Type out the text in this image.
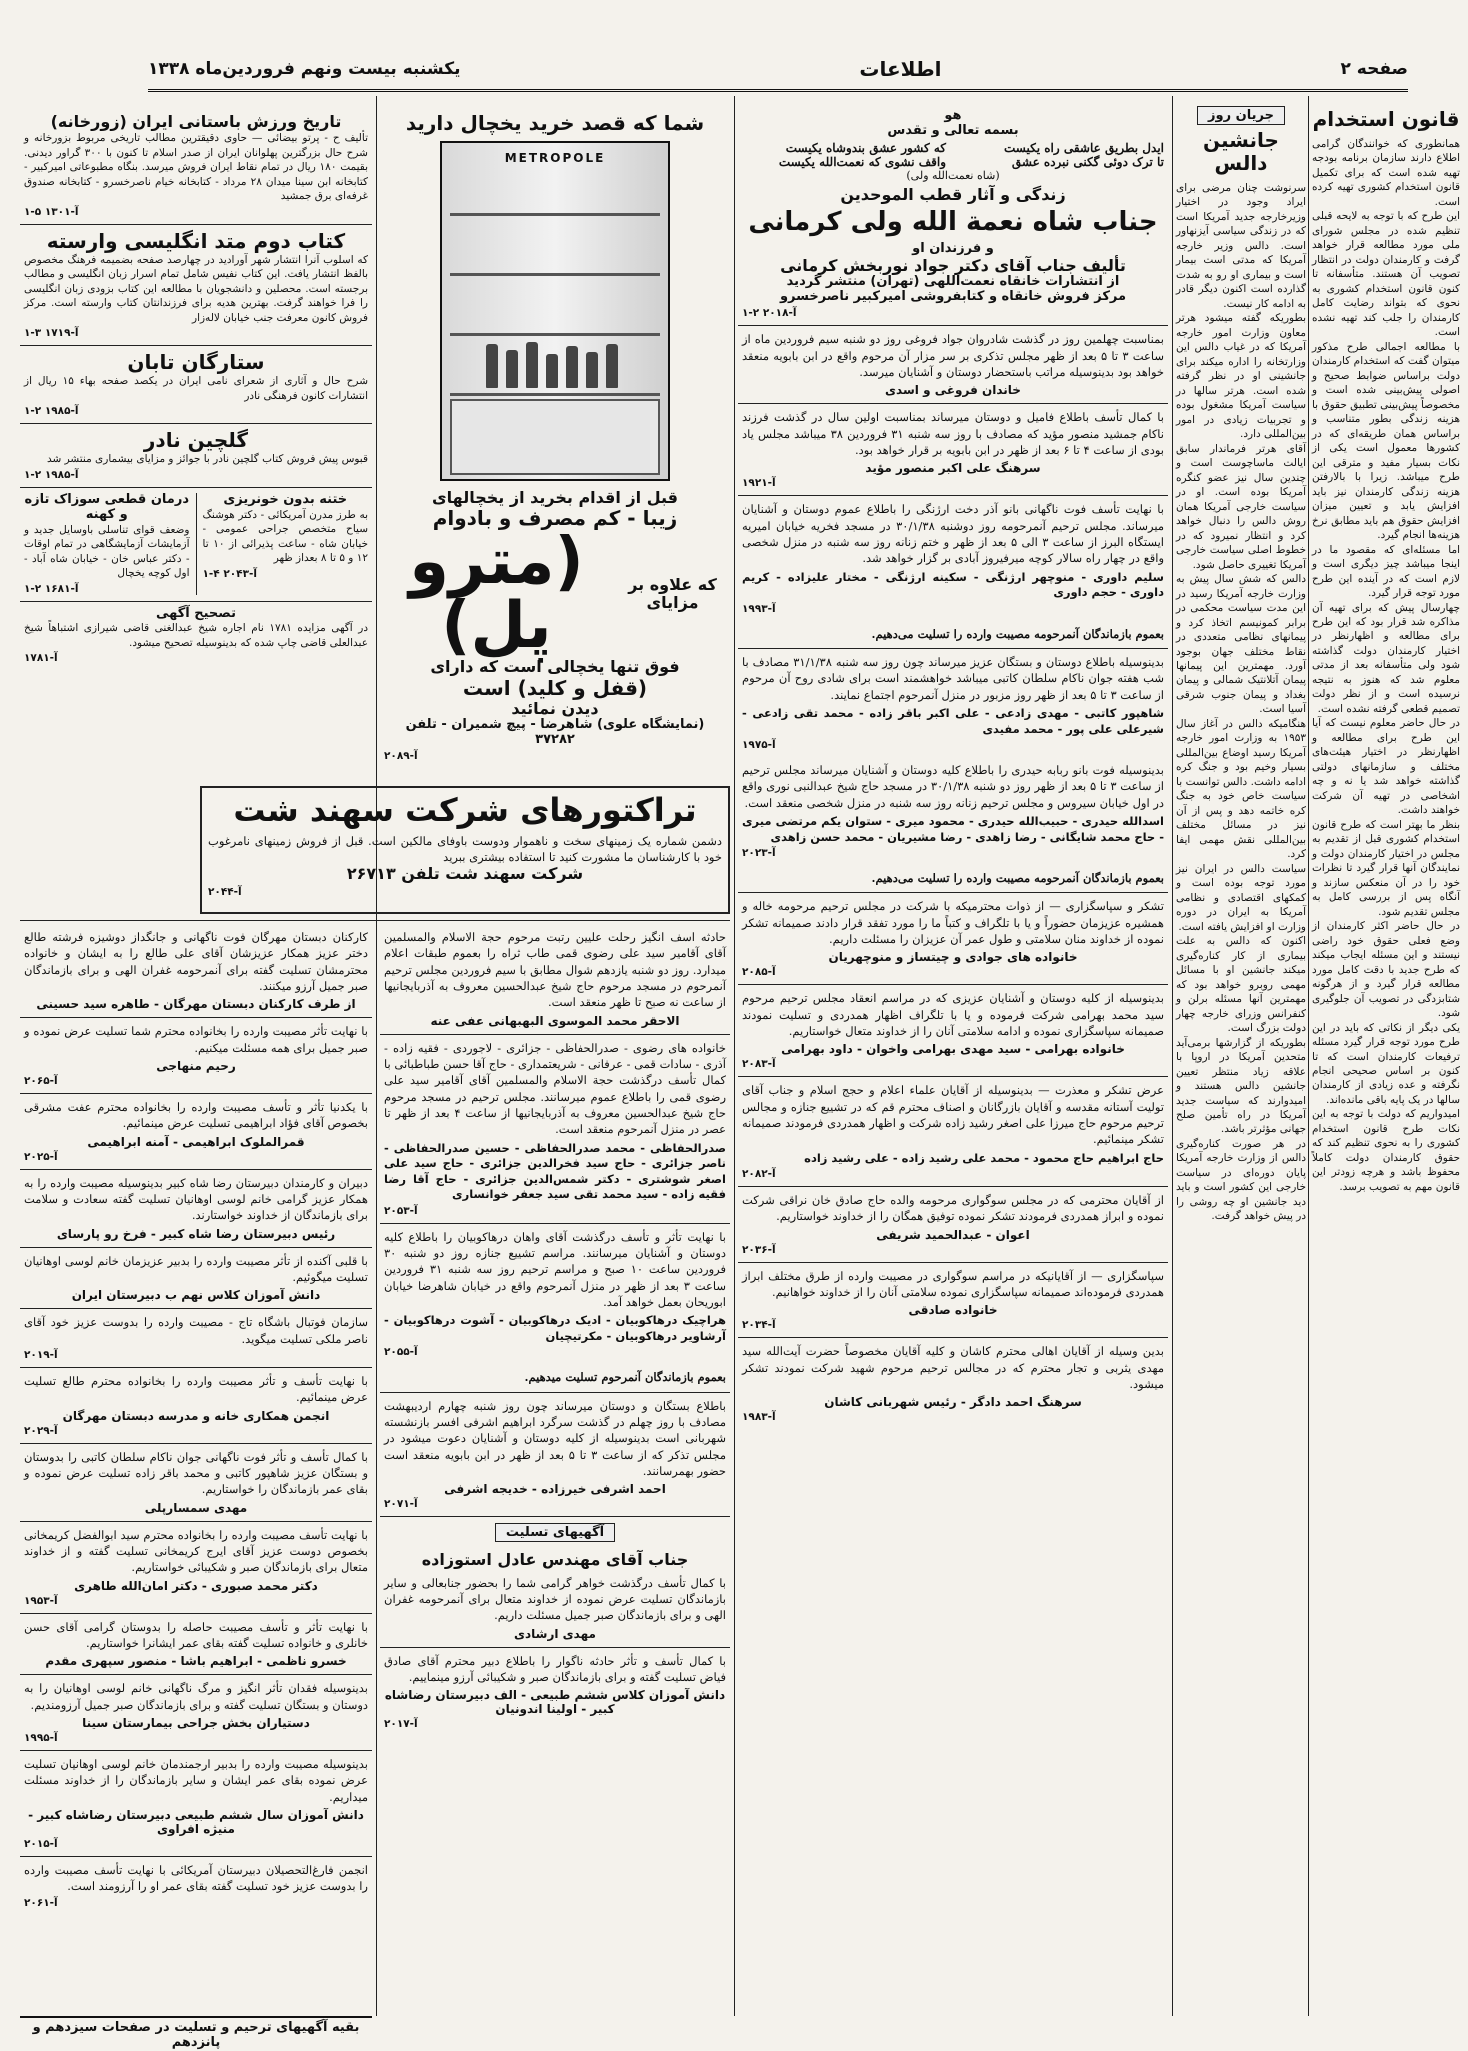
صفحه ۲
اطلاعات
یکشنبه بیست ونهم فروردین‌ماه ۱۳۳۸
قانون استخدام

همانطوری که خوانندگان گرامی اطلاع دارند سازمان برنامه بودجه تهیه شده است که برای تکمیل قانون استخدام کشوری تهیه کرده است.

این طرح که با توجه به لایحه قبلی تنظیم شده در مجلس شورای ملی مورد مطالعه قرار خواهد گرفت و کارمندان دولت در انتظار تصویب آن هستند. متأسفانه تا کنون قانون استخدام کشوری به نحوی که بتواند رضایت کامل کارمندان را جلب کند تهیه نشده است.

با مطالعه اجمالی طرح مذکور میتوان گفت که استخدام کارمندان دولت براساس ضوابط صحیح و اصولی پیش‌بینی شده است و مخصوصاً پیش‌بینی تطبیق حقوق با هزینه زندگی بطور متناسب و براساس همان طریقه‌ای که در کشورها معمول است یکی از نکات بسیار مفید و مترقی این طرح میباشد. زیرا با بالارفتن هزینه زندگی کارمندان نیز باید افزایش یابد و تعیین میزان افزایش حقوق هم باید مطابق نرخ هزینه‌ها انجام گیرد.

اما مسئله‌ای که مقصود ما در اینجا میباشد چیز دیگری است و لازم است که در آینده این طرح مورد توجه قرار گیرد.

چهارسال پیش که برای تهیه آن مذاکره شد قرار بود که این طرح برای مطالعه و اظهارنظر در اختیار کارمندان دولت گذاشته شود ولی متأسفانه بعد از مدتی معلوم شد که هنوز به نتیجه نرسیده است و از نظر دولت تصمیم قطعی گرفته نشده است.

در حال حاضر معلوم نیست که آیا این طرح برای مطالعه و اظهارنظر در اختیار هیئت‌های مختلف و سازمانهای دولتی گذاشته خواهد شد یا نه و چه اشخاصی در تهیه آن شرکت خواهند داشت.

بنظر ما بهتر است که طرح قانون استخدام کشوری قبل از تقدیم به مجلس در اختیار کارمندان دولت و نمایندگان آنها قرار گیرد تا نظرات خود را در آن منعکس سازند و آنگاه پس از بررسی کامل به مجلس تقدیم شود.

در حال حاضر اکثر کارمندان از وضع فعلی حقوق خود راضی نیستند و این مسئله ایجاب میکند که طرح جدید با دقت کامل مورد مطالعه قرار گیرد و از هرگونه شتابزدگی در تصویب آن جلوگیری شود.

یکی دیگر از نکاتی که باید در این طرح مورد توجه قرار گیرد مسئله ترفیعات کارمندان است که تا کنون بر اساس صحیحی انجام نگرفته و عده زیادی از کارمندان سالها در یک پایه باقی مانده‌اند.

امیدواریم که دولت با توجه به این نکات طرح قانون استخدام کشوری را به نحوی تنظیم کند که حقوق کارمندان دولت کاملاً محفوظ باشد و هرچه زودتر این قانون مهم به تصویب برسد.

جریان روز
جانشین دالس

سرنوشت چنان مرضی برای ایراد وجود در اختیار وزیرخارجه جدید آمریکا است که در زندگی سیاسی آیزنهاور است. دالس وزیر خارجه آمریکا که مدتی است بیمار است و بیماری او رو به شدت گذارده است اکنون دیگر قادر به ادامه کار نیست.

بطوریکه گفته میشود هرتر معاون وزارت امور خارجه آمریکا که در غیاب دالس این وزارتخانه را اداره میکند برای جانشینی او در نظر گرفته شده است. هرتر سالها در سیاست آمریکا مشغول بوده و تجربیات زیادی در امور بین‌المللی دارد.

آقای هرتر فرماندار سابق ایالت ماساچوست است و چندین سال نیز عضو کنگره آمریکا بوده است. او در سیاست خارجی آمریکا همان روش دالس را دنبال خواهد کرد و انتظار نمیرود که در خطوط اصلی سیاست خارجی آمریکا تغییری حاصل شود.

دالس که شش سال پیش به وزارت خارجه آمریکا رسید در این مدت سیاست محکمی در برابر کمونیسم اتخاذ کرد و پیمانهای نظامی متعددی در نقاط مختلف جهان بوجود آورد. مهمترین این پیمانها پیمان آتلانتیک شمالی و پیمان بغداد و پیمان جنوب شرقی آسیا است.

هنگامیکه دالس در آغاز سال ۱۹۵۳ به وزارت امور خارجه آمریکا رسید اوضاع بین‌المللی بسیار وخیم بود و جنگ کره ادامه داشت. دالس توانست با سیاست خاص خود به جنگ کره خاتمه دهد و پس از آن نیز در مسائل مختلف بین‌المللی نقش مهمی ایفا کرد.

سیاست دالس در ایران نیز مورد توجه بوده است و کمکهای اقتصادی و نظامی آمریکا به ایران در دوره وزارت او افزایش یافته است.

اکنون که دالس به علت بیماری از کار کناره‌گیری میکند جانشین او با مسائل مهمی روبرو خواهد بود که مهمترین آنها مسئله برلن و کنفرانس وزرای خارجه چهار دولت بزرگ است.

بطوریکه از گزارشها برمی‌آید متحدین آمریکا در اروپا با علاقه زیاد منتظر تعیین جانشین دالس هستند و امیدوارند که سیاست جدید آمریکا در راه تأمین صلح جهانی مؤثرتر باشد.

در هر صورت کناره‌گیری دالس از وزارت خارجه آمریکا پایان دوره‌ای در سیاست خارجی این کشور است و باید دید جانشین او چه روشی را در پیش خواهد گرفت.

هو
بسمه تعالی و تقدس
ایدل بطریق عاشقی راه یکیست
که کشور عشق بندوشاه یکیست
تا ترک دوئی گکنی نبرده عشق
واقف نشوی که نعمت‌الله یکیست
(شاه نعمت‌الله ولی)
زندگی و آثار قطب الموحدین
جناب شاه نعمة الله ولی کرمانی
و فرزندان او
تألیف جناب آقای دکتر جواد نوربخش کرمانی
از انتشارات خانقاه نعمت‌اللهی (تهران) منتشر گردید
مرکز فروش خانقاه و کتابفروشی امیرکبیر ناصرخسرو
آ-۲۰۱۸ ۲-۱

بمناسبت چهلمین روز در گذشت شادروان جواد فروغی روز دو شنبه سیم فروردین ماه از ساعت ۳ تا ۵ بعد از ظهر مجلس تذکری بر سر مزار آن مرحوم واقع در ابن بابویه منعقد خواهد بود بدینوسیله مراتب باستحضار دوستان و آشنایان میرسد.

خاندان فروغی و اسدی

با کمال تأسف باطلاع فامیل و دوستان میرساند بمناسبت اولین سال در گذشت فرزند ناکام جمشید منصور مؤید که مصادف با روز سه شنبه ۳۱ فروردین ۳۸ میباشد مجلس یاد بودی از ساعت ۴ تا ۶ بعد از ظهر در ابن بابویه بر قرار خواهد بود.

سرهنگ علی اکبر منصور مؤید
آ-۱۹۲۱

با نهایت تأسف فوت ناگهانی بانو آذر دخت ارژنگی را باطلاع عموم دوستان و آشنایان میرساند. مجلس ترحیم آنمرحومه روز دوشنبه ۳۰/۱/۳۸ در مسجد فخریه خیابان امیریه ایستگاه البرز از ساعت ۳ الی ۵ بعد از ظهر و ختم زنانه روز سه شنبه در منزل شخصی واقع در چهار راه سالار کوچه میرفیروز آبادی بر گزار خواهد شد.

سلیم داوری - منوچهر ارژنگی - سکینه ارژنگی - مختار علیزاده - کریم داوری - حجم داوری
آ-۱۹۹۳

بعموم بازماندگان آنمرحومه مصیبت وارده را تسلیت می‌دهیم.

بدینوسیله باطلاع دوستان و بستگان عزیز میرساند چون روز سه شنبه ۳۱/۱/۳۸ مصادف با شب هفته جوان ناکام سلطان کاتبی میباشد خواهشمند است برای شادی روح آن مرحوم از ساعت ۳ تا ۵ بعد از ظهر روز مزبور در منزل آنمرحوم اجتماع نمایند.

شاهپور کاتبی - مهدی زادعی - علی اکبر باقر زاده - محمد تقی زادعی - شیرعلی علی پور - محمد مفیدی
آ-۱۹۷۵

بدینوسیله فوت بانو ربابه حیدری را باطلاع کلیه دوستان و آشنایان میرساند مجلس ترحیم از ساعت ۳ تا ۵ بعد از ظهر روز دو شنبه ۳۰/۱/۳۸ در مسجد حاج شیخ عبدالنبی نوری واقع در اول خیابان سیروس و مجلس ترحیم زنانه روز سه شنبه در منزل شخصی منعقد است.

اسدالله حیدری - حبیب‌الله حیدری - محمود میری - ستوان یکم مرتضی میری - حاج محمد شایگانی - رضا زاهدی - رضا مشیریان - محمد حسن زاهدی
آ-۲۰۲۳

بعموم بازماندگان آنمرحومه مصیبت وارده را تسلیت می‌دهیم.

تشکر و سپاسگزاری — از ذوات محترمیکه با شرکت در مجلس ترحیم مرحومه خاله و همشیره عزیزمان حضوراً و یا با تلگراف و کتباً ما را مورد تفقد قرار دادند صمیمانه تشکر نموده از خداوند منان سلامتی و طول عمر آن عزیزان را مسئلت داریم.

خانواده های جوادی و چیتساز و منوچهریان
آ-۲۰۸۵

بدینوسیله از کلیه دوستان و آشنایان عزیزی که در مراسم انعقاد مجلس ترحیم مرحوم سید محمد بهرامی شرکت فرموده و یا با تلگراف اظهار همدردی و تسلیت نمودند صمیمانه سپاسگزاری نموده و ادامه سلامتی آنان را از خداوند متعال خواستاریم.

خانواده بهرامی - سید مهدی بهرامی واخوان - داود بهرامی
آ-۲۰۸۳

عرض تشکر و معذرت — بدینوسیله از آقایان علماء اعلام و حجج اسلام و جناب آقای تولیت آستانه مقدسه و آقایان بازرگانان و اصناف محترم قم که در تشییع جنازه و مجالس ترحیم مرحوم حاج میرزا علی اصغر رشید زاده شرکت و اظهار همدردی فرمودند صمیمانه تشکر مینمائیم.

حاج ابراهیم حاج محمود - محمد علی رشید زاده - علی رشید زاده
آ-۲۰۸۲

از آقایان محترمی که در مجلس سوگواری مرحومه والده حاج صادق خان نراقی شرکت نموده و ابراز همدردی فرمودند تشکر نموده توفیق همگان را از خداوند خواستاریم.

اعوان - عبدالحمید شریفی
آ-۲۰۳۶

سپاسگزاری — از آقایانیکه در مراسم سوگواری در مصیبت وارده از طرق مختلف ابراز همدردی فرموده‌اند صمیمانه سپاسگزاری نموده سلامتی آنان را از خداوند خواهانیم.

خانواده صادقی
آ-۲۰۳۴

بدین وسیله از آقایان اهالی محترم کاشان و کلیه آقایان مخصوصاً حضرت آیت‌الله سید مهدی یثربی و تجار محترم که در مجالس ترحیم مرحوم شهید شرکت نمودند تشکر میشود.

سرهنگ احمد دادگر - رئیس شهربانی کاشان
آ-۱۹۸۳
شما که قصد خرید یخچال دارید
METROPOLE
قبل از اقدام بخرید از یخچالهای
زیبا - کم مصرف و بادوام
که علاوه بر مزایای
(مترو پل)
فوق تنها یخچالی است که دارای
(قفل و کلید) است
دیدن نمائید
(نمایشگاه علوی) شاهرضا - پیچ شمیران - تلفن ۳۷۲۸۲
آ-۲۰۸۹
تاریخ ورزش باستانی ایران (زورخانه)

تألیف ح - پرتو بیضائی — حاوی دقیقترین مطالب تاریخی مربوط بزورخانه و شرح حال بزرگترین پهلوانان ایران از صدر اسلام تا کنون با ۳۰۰ گراور دیدنی. بقیمت ۱۸۰ ریال در تمام نقاط ایران فروش میرسد. بنگاه مطبوعاتی امیرکبیر - کتابخانه ابن سینا میدان ۲۸ مرداد - کتابخانه خیام ناصرخسرو - کتابخانه صندوق غرفه‌ای برق جمشید

آ-۱۳۰۱ ۵-۱
کتاب دوم متد انگلیسی وارسته

که اسلوب آنرا انتشار شهر آورادید در چهارصد صفحه بضمیمه فرهنگ مخصوص بالفظ انتشار یافت. این کتاب نفیس شامل تمام اسرار زبان انگلیسی و مطالب برجسته است. محصلین و دانشجویان با مطالعه این کتاب بزودی زبان انگلیسی را فرا خواهند گرفت. بهترین هدیه برای فرزندانتان کتاب وارسته است. مرکز فروش کانون معرفت جنب خیابان لاله‌زار

آ-۱۷۱۹ ۳-۱
ستارگان تابان

شرح حال و آثاری از شعرای نامی ایران در یکصد صفحه بهاء ۱۵ ریال از انتشارات کانون فرهنگی نادر

آ-۱۹۸۵ ۲-۱
گلچین نادر

قبوس پیش فروش کتاب گلچین نادر با جوائز و مزایای بیشماری منتشر شد

آ-۱۹۸۵ ۲-۱
ختنه بدون خونریزی

به طرز مدرن آمریکائی - دکتر هوشنگ سیاح متخصص جراحی عمومی - خیابان شاه - ساعت پذیرائی از ۱۰ تا ۱۲ و ۵ تا ۸ بعداز ظهر

آ-۲۰۴۳ ۴-۱
درمان قطعی سوزاک تازه و کهنه

وضعف قوای تناسلی باوسایل جدید و آزمایشات آزمایشگاهی در تمام اوقات - دکتر عباس خان - خیابان شاه آباد - اول کوچه یخچال

آ-۱۶۸۱ ۲-۱
تصحیح آگهی

در آگهی مزایده ۱۷۸۱ نام اجاره شیخ عبدالغنی قاضی شیرازی اشتباهاً شیخ عبدالعلی قاضی چاپ شده که بدینوسیله تصحیح میشود.

آ-۱۷۸۱
تراکتورهای شرکت سهند شت

دشمن شماره یک زمینهای سخت و ناهموار ودوست باوفای مالکین است. قبل از فروش زمینهای نامرغوب خود با کارشناسان ما مشورت کنید تا استفاده بیشتری ببرید

شرکت سهند شت تلفن ۲۶۷۱۳
آ-۲۰۴۴

حادثه اسف انگیز رحلت علیین رتبت مرحوم حجة الاسلام والمسلمین آقای آقامیر سید علی رضوی قمی طاب ثراه را بعموم طبقات اعلام میدارد. روز دو شنبه یازدهم شوال مطابق با سیم فروردین مجلس ترحیم آنمرحوم در مسجد مرحوم حاج شیخ عبدالحسین معروف به آذربایجانیها از ساعت نه صبح تا ظهر منعقد است.

الاحقر محمد الموسوی البهبهانی عفی عنه

خانواده های رضوی - صدرالحفاظی - جزائری - لاجوردی - فقیه زاده - آذری - سادات قمی - عرفانی - شریعتمداری - حاج آقا حسن طباطبائی با کمال تأسف درگذشت حجة الاسلام والمسلمین آقای آقامیر سید علی رضوی قمی را باطلاع عموم میرسانند. مجلس ترحیم در مسجد مرحوم حاج شیخ عبدالحسین معروف به آذربایجانیها از ساعت ۴ بعد از ظهر تا عصر در منزل آنمرحوم منعقد است.

صدرالحفاظی - محمد صدرالحفاظی - حسین صدرالحفاظی - ناصر جزائری - حاج سید فخرالدین جزائری - حاج سید علی اصغر شوشتری - دکتر شمس‌الدین جزائری - حاج آقا رضا فقیه زاده - سید محمد تقی سید جعفر خوانساری
آ-۲۰۵۳

با نهایت تأثر و تأسف درگذشت آقای واهان درهاکوبیان را باطلاع کلیه دوستان و آشنایان میرسانند. مراسم تشییع جنازه روز دو شنبه ۳۰ فروردین ساعت ۱۰ صبح و مراسم ترحیم روز سه شنبه ۳۱ فروردین ساعت ۳ بعد از ظهر در منزل آنمرحوم واقع در خیابان شاهرضا خیابان ابوریحان بعمل خواهد آمد.

هراچیک درهاکوبیان - ادیک درهاکوبیان - آشوت درهاکوبیان - آرشاویر درهاکوبیان - مکرتیچیان
آ-۲۰۵۵

بعموم بازماندگان آنمرحوم تسلیت میدهیم.

باطلاع بستگان و دوستان میرساند چون روز شنبه چهارم اردیبهشت مصادف با روز چهلم در گذشت سرگرد ابراهیم اشرفی افسر بازنشسته شهربانی است بدینوسیله از کلیه دوستان و آشنایان دعوت میشود در مجلس تذکر که از ساعت ۳ تا ۵ بعد از ظهر در ابن بابویه منعقد است حضور بهمرسانند.

احمد اشرفی خیرزاده - خدیجه اشرفی
آ-۲۰۷۱
آگهیهای تسلیت
جناب آقای مهندس عادل استوزاده

با کمال تأسف درگذشت خواهر گرامی شما را بحضور جنابعالی و سایر بازماندگان تسلیت عرض نموده از خداوند متعال برای آنمرحومه غفران الهی و برای بازماندگان صبر جمیل مسئلت داریم.

مهدی ارشادی

با کمال تأسف و تأثر حادثه ناگوار را باطلاع دبیر محترم آقای صادق فیاض تسلیت گفته و برای بازماندگان صبر و شکیبائی آرزو مینماییم.

دانش آموزان کلاس ششم طبیعی - الف دبیرستان رضاشاه کبیر - اولینا اندونیان
آ-۲۰۱۷

کارکنان دبستان مهرگان فوت ناگهانی و جانگداز دوشیزه فرشته طالع دختر عزیز همکار عزیزشان آقای علی طالع را به ایشان و خانواده محترمشان تسلیت گفته برای آنمرحومه غفران الهی و برای بازماندگان صبر جمیل آرزو میکنند.

از طرف کارکنان دبستان مهرگان - طاهره سید حسینی

با نهایت تأثر مصیبت وارده را بخانواده محترم شما تسلیت عرض نموده و صبر جمیل برای همه مسئلت میکنیم.

رحیم منهاجی
آ-۲۰۶۵

با یکدنیا تأثر و تأسف مصیبت وارده را بخانواده محترم عفت مشرقی بخصوص آقای فؤاد ابراهیمی تسلیت عرض مینمائیم.

قمرالملوک ابراهیمی - آمنه ابراهیمی
آ-۲۰۲۵

دبیران و کارمندان دبیرستان رضا شاه کبیر بدینوسیله مصیبت وارده را به همکار عزیز گرامی خانم لوسی اوهانیان تسلیت گفته سعادت و سلامت برای بازماندگان از خداوند خواستارند.

رئیس دبیرستان رضا شاه کبیر - فرخ رو پارسای

با قلبی آکنده از تأثر مصیبت وارده را بدبیر عزیزمان خانم لوسی اوهانیان تسلیت میگوئیم.

دانش آموزان کلاس نهم ب دبیرستان ایران

سازمان فوتبال باشگاه تاج - مصیبت وارده را بدوست عزیز خود آقای ناصر ملکی تسلیت میگوید.

آ-۲۰۱۹

با نهایت تأسف و تأثر مصیبت وارده را بخانواده محترم طالع تسلیت عرض مینمائیم.

انجمن همکاری خانه و مدرسه دبستان مهرگان
آ-۲۰۲۹

با کمال تأسف و تأثر فوت ناگهانی جوان ناکام سلطان کاتبی را بدوستان و بستگان عزیز شاهپور کاتبی و محمد باقر زاده تسلیت عرض نموده و بقای عمر بازماندگان را خواستاریم.

مهدی سمسارپلی

با نهایت تأسف مصیبت وارده را بخانواده محترم سید ابوالفضل کریمخانی بخصوص دوست عزیز آقای ایرج کریمخانی تسلیت گفته و از خداوند متعال برای بازماندگان صبر و شکیبائی خواستاریم.

دکتر محمد صبوری - دکتر امان‌الله طاهری
آ-۱۹۵۳

با نهایت تأثر و تأسف مصیبت حاصله را بدوستان گرامی آقای حسن خانلری و خانواده تسلیت گفته بقای عمر ایشانرا خواستاریم.

خسرو ناظمی - ابراهیم باشا - منصور سپهری مقدم

بدینوسیله فقدان تأثر انگیز و مرگ ناگهانی خانم لوسی اوهانیان را به دوستان و بستگان تسلیت گفته و برای بازماندگان صبر جمیل آرزومندیم.

دستیاران بخش جراحی بیمارستان سینا
آ-۱۹۹۵

بدینوسیله مصیبت وارده را بدبیر ارجمندمان خانم لوسی اوهانیان تسلیت عرض نموده بقای عمر ایشان و سایر بازماندگان را از خداوند مسئلت میداریم.

دانش آموزان سال ششم طبیعی دبیرستان رضاشاه کبیر - منیژه افراوی
آ-۲۰۱۵

انجمن فارغ‌التحصیلان دبیرستان آمریکائی با نهایت تأسف مصیبت وارده را بدوست عزیز خود تسلیت گفته بقای عمر او را آرزومند است.

آ-۲۰۶۱
بقیه آگهیهای ترحیم و تسلیت در صفحات سیزدهم و پانزدهم
